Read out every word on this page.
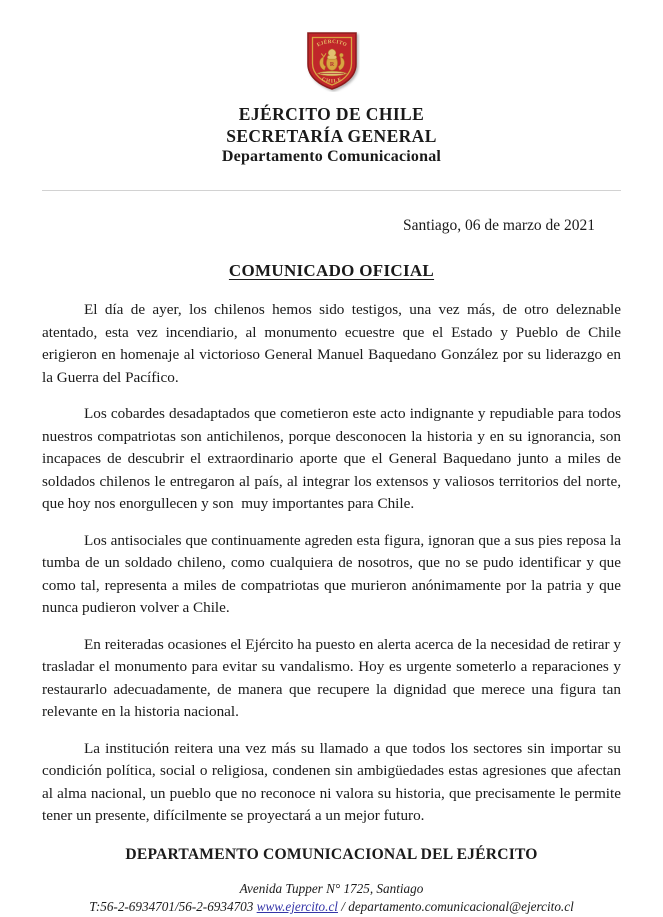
EJÉRCITO
R
CHILE
EJÉRCITO DE CHILE
SECRETARÍA GENERAL
Departamento Comunicacional
Santiago, 06 de marzo de 2021
COMUNICADO OFICIAL

El día de ayer, los chilenos hemos sido testigos, una vez más, de otro deleznable atentado, esta vez incendiario, al monumento ecuestre que el Estado y Pueblo de Chile erigieron en homenaje al victorioso General Manuel Baquedano González por su liderazgo en la Guerra del Pacífico.

Los cobardes desadaptados que cometieron este acto indignante y repudiable para todos nuestros compatriotas son antichilenos, porque desconocen la historia y en su ignorancia, son incapaces de descubrir el extraordinario aporte que el General Baquedano junto a miles de soldados chilenos le entregaron al país, al integrar los extensos y valiosos territorios del norte, que hoy nos enorgullecen y son  muy importantes para Chile.

Los antisociales que continuamente agreden esta figura, ignoran que a sus pies reposa la tumba de un soldado chileno, como cualquiera de nosotros, que no se pudo identificar y que como tal, representa a miles de compatriotas que murieron anónimamente por la patria y que nunca pudieron volver a Chile.

En reiteradas ocasiones el Ejército ha puesto en alerta acerca de la necesidad de retirar y trasladar el monumento para evitar su vandalismo. Hoy es urgente someterlo a reparaciones y restaurarlo adecuadamente, de manera que recupere la dignidad que merece una figura tan relevante en la historia nacional.

La institución reitera una vez más su llamado a que todos los sectores sin importar su condición política, social o religiosa, condenen sin ambigüedades estas agresiones que afectan al alma nacional, un pueblo que no reconoce ni valora su historia, que precisamente le permite tener un presente, difícilmente se proyectará a un mejor futuro.

DEPARTAMENTO COMUNICACIONAL DEL EJÉRCITO
Avenida Tupper N° 1725, Santiago
T:56-2-6934701/56-2-6934703 www.ejercito.cl / departamento.comunicacional@ejercito.cl
